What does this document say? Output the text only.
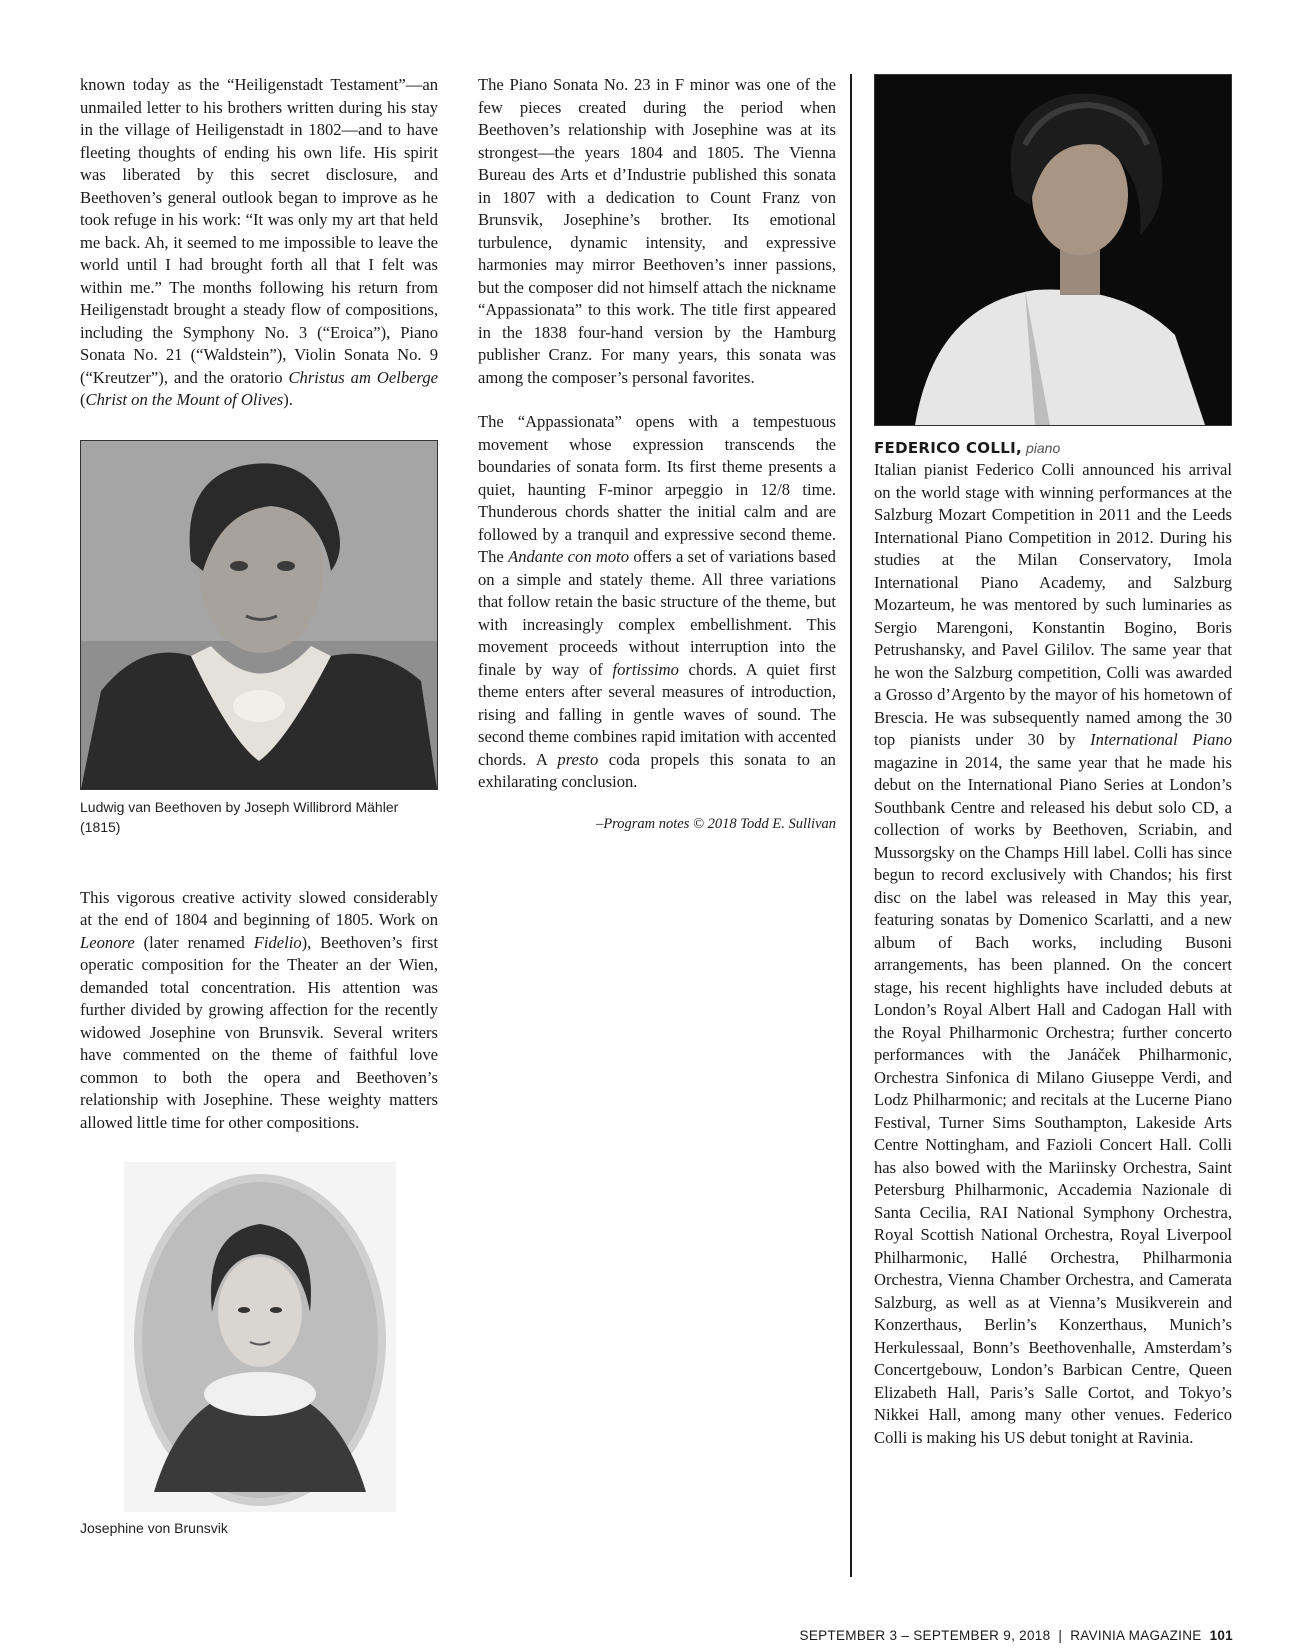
known today as the “Heiligenstadt Testament”—an unmailed letter to his brothers written during his stay in the village of Heiligenstadt in 1802—and to have fleeting thoughts of ending his own life. His spirit was liberated by this secret disclosure, and Beethoven’s general outlook began to improve as he took refuge in his work: “It was only my art that held me back. Ah, it seemed to me impossible to leave the world until I had brought forth all that I felt was within me.” The months following his return from Heiligenstadt brought a steady flow of compositions, including the Symphony No. 3 (“Eroica”), Piano Sonata No. 21 (“Waldstein”), Violin Sonata No. 9 (“Kreutzer”), and the oratorio Christus am Oelberge (Christ on the Mount of Olives).

Ludwig van Beethoven by Joseph Willibrord Mähler (1815)

This vigorous creative activity slowed considerably at the end of 1804 and beginning of 1805. Work on Leonore (later renamed Fidelio), Beethoven’s first operatic composition for the Theater an der Wien, demanded total concentration. His attention was further divided by growing affection for the recently widowed Josephine von Brunsvik. Several writers have commented on the theme of faithful love common to both the opera and Beethoven’s relationship with Josephine. These weighty matters allowed little time for other compositions.

Josephine von Brunsvik

The Piano Sonata No. 23 in F minor was one of the few pieces created during the period when Beethoven’s relationship with Josephine was at its strongest—the years 1804 and 1805. The Vienna Bureau des Arts et d’Industrie published this sonata in 1807 with a dedication to Count Franz von Brunsvik, Josephine’s brother. Its emotional turbulence, dynamic intensity, and expressive harmonies may mirror Beethoven’s inner passions, but the composer did not himself attach the nickname “Appassionata” to this work. The title first appeared in the 1838 four-hand version by the Hamburg publisher Cranz. For many years, this sonata was among the composer’s personal favorites.

The “Appassionata” opens with a tempestuous movement whose expression transcends the boundaries of sonata form. Its first theme presents a quiet, haunting F-minor arpeggio in 12/8 time. Thunderous chords shatter the initial calm and are followed by a tranquil and expressive second theme. The Andante con moto offers a set of variations based on a simple and stately theme. All three variations that follow retain the basic structure of the theme, but with increasingly complex embellishment. This movement proceeds without interruption into the finale by way of fortissimo chords. A quiet first theme enters after several measures of introduction, rising and falling in gentle waves of sound. The second theme combines rapid imitation with accented chords. A presto coda propels this sonata to an exhilarating conclusion.

–Program notes © 2018 Todd E. Sullivan
FEDERICO COLLI, piano

Italian pianist Federico Colli announced his arrival on the world stage with winning performances at the Salzburg Mozart Competition in 2011 and the Leeds International Piano Competition in 2012. During his studies at the Milan Conservatory, Imola International Piano Academy, and Salzburg Mozarteum, he was mentored by such luminaries as Sergio Marengoni, Konstantin Bogino, Boris Petrushansky, and Pavel Gililov. The same year that he won the Salzburg competition, Colli was awarded a Grosso d’Argento by the mayor of his hometown of Brescia. He was subsequently named among the 30 top pianists under 30 by International Piano magazine in 2014, the same year that he made his debut on the International Piano Series at London’s Southbank Centre and released his debut solo CD, a collection of works by Beethoven, Scriabin, and Mussorgsky on the Champs Hill label. Colli has since begun to record exclusively with Chandos; his first disc on the label was released in May this year, featuring sonatas by Domenico Scarlatti, and a new album of Bach works, including Busoni arrangements, has been planned. On the concert stage, his recent highlights have included debuts at London’s Royal Albert Hall and Cadogan Hall with the Royal Philharmonic Orchestra; further concerto performances with the Janáček Philharmonic, Orchestra Sinfonica di Milano Giuseppe Verdi, and Lodz Philharmonic; and recitals at the Lucerne Piano Festival, Turner Sims Southampton, Lakeside Arts Centre Nottingham, and Fazioli Concert Hall. Colli has also bowed with the Mariinsky Orchestra, Saint Petersburg Philharmonic, Accademia Nazionale di Santa Cecilia, RAI National Symphony Orchestra, Royal Scottish National Orchestra, Royal Liverpool Philharmonic, Hallé Orchestra, Philharmonia Orchestra, Vienna Chamber Orchestra, and Camerata Salzburg, as well as at Vienna’s Musikverein and Konzerthaus, Berlin’s Konzerthaus, Munich’s Herkulessaal, Bonn’s Beethovenhalle, Amsterdam’s Concertgebouw, London’s Barbican Centre, Queen Elizabeth Hall, Paris’s Salle Cortot, and Tokyo’s Nikkei Hall, among many other venues. Federico Colli is making his US debut tonight at Ravinia.

SEPTEMBER 3 – SEPTEMBER 9, 2018 | RAVINIA MAGAZINE 101
